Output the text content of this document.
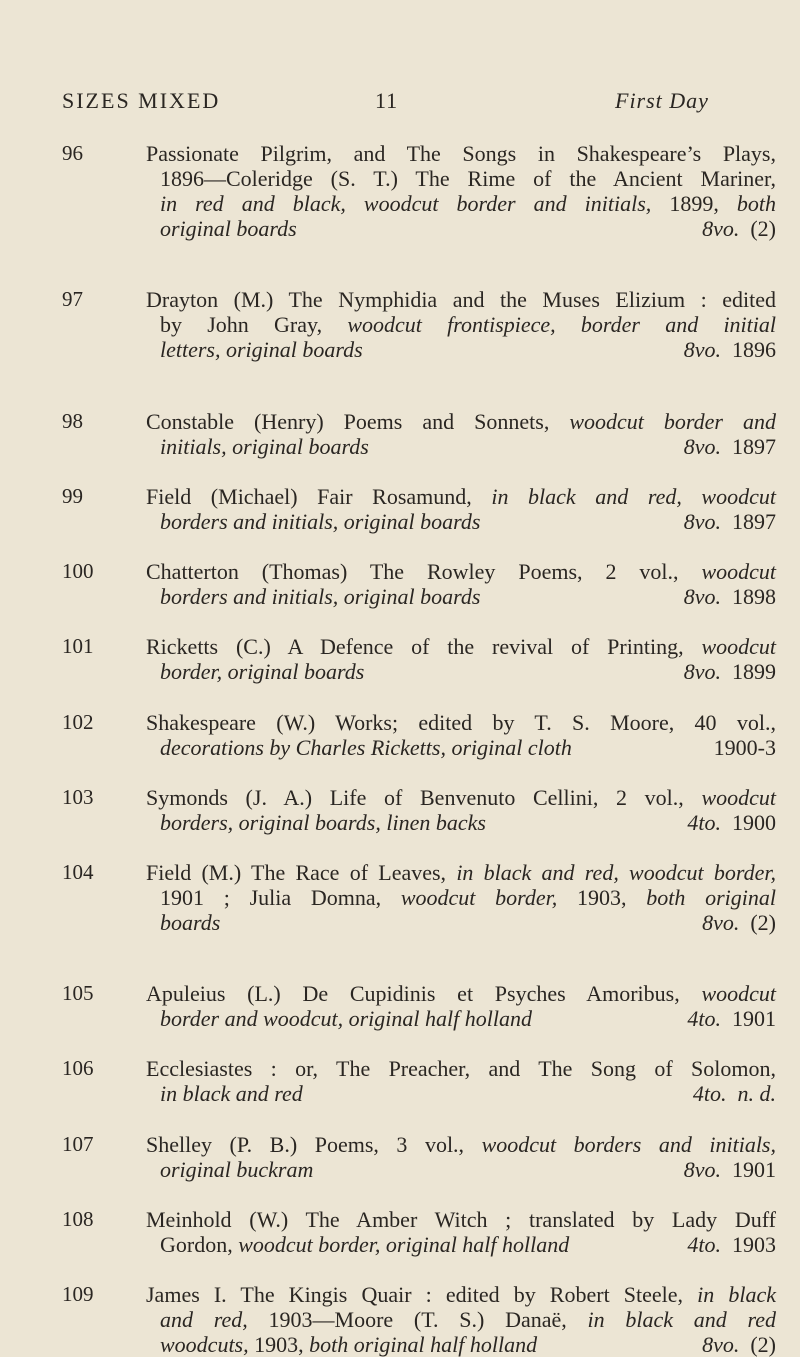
SIZES MIXED	11	First Day
96	Passionate Pilgrim, and The Songs in Shakespeare’s Plays,
1896—Coleridge (S. T.) The Rime of the Ancient Mariner,
in red and black, woodcut border and initials, 1899, both
original boards	8vo.  (2)
97	Drayton (M.) The Nymphidia and the Muses Elizium : edited
by John Gray, woodcut frontispiece, border and initial
letters, original boards	8vo.  1896
98	Constable (Henry) Poems and Sonnets, woodcut border and
initials, original boards	8vo.  1897
99	Field (Michael) Fair Rosamund, in black and red, woodcut
borders and initials, original boards	8vo.  1897
100	Chatterton (Thomas) The Rowley Poems, 2 vol., woodcut
borders and initials, original boards	8vo.  1898
101	Ricketts (C.) A Defence of the revival of Printing, woodcut
border, original boards	8vo.  1899
102	Shakespeare (W.) Works; edited by T. S. Moore, 40 vol.,
decorations by Charles Ricketts, original cloth	1900-3
103	Symonds (J. A.) Life of Benvenuto Cellini, 2 vol., woodcut
borders, original boards, linen backs	4to.  1900
104	Field (M.) The Race of Leaves, in black and red, woodcut border,
1901 ; Julia Domna, woodcut border, 1903, both original
boards	8vo.  (2)
105	Apuleius (L.) De Cupidinis et Psyches Amoribus, woodcut
border and woodcut, original half holland	4to.  1901
106	Ecclesiastes : or, The Preacher, and The Song of Solomon,
in black and red	4to.  n. d.
107	Shelley (P. B.) Poems, 3 vol., woodcut borders and initials,
original buckram	8vo.  1901
108	Meinhold (W.) The Amber Witch ; translated by Lady Duff
Gordon, woodcut border, original half holland	4to.  1903
109	James I. The Kingis Quair : edited by Robert Steele, in black
and red, 1903—Moore (T. S.) Danaë, in black and red
woodcuts, 1903, both original half holland	8vo.  (2)
